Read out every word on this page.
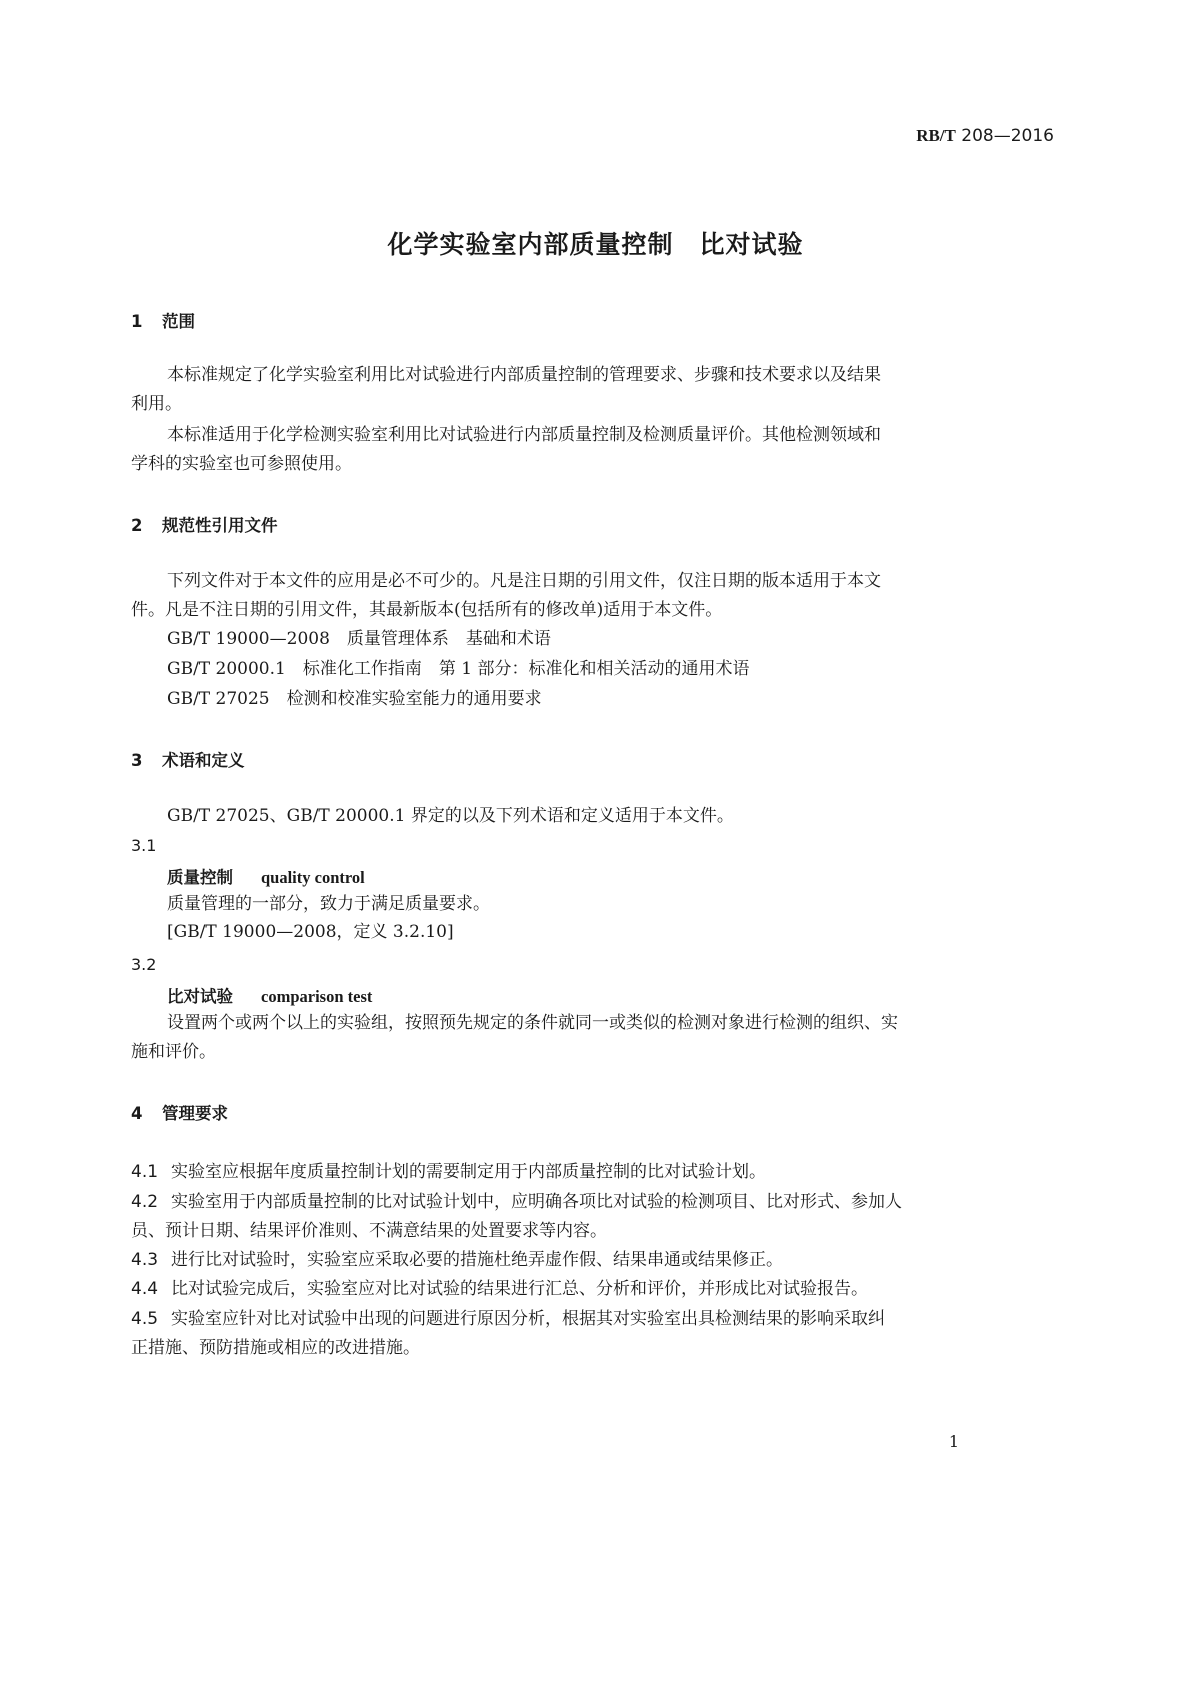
RB/T 208—2016
化学实验室内部质量控制　比对试验
1 范围
本标准规定了化学实验室利用比对试验进行内部质量控制的管理要求、步骤和技术要求以及结果
利用。
本标准适用于化学检测实验室利用比对试验进行内部质量控制及检测质量评价。其他检测领域和
学科的实验室也可参照使用。
2 规范性引用文件
下列文件对于本文件的应用是必不可少的。凡是注日期的引用文件，仅注日期的版本适用于本文
件。凡是不注日期的引用文件，其最新版本(包括所有的修改单)适用于本文件。
GB/T 19000—2008　质量管理体系　基础和术语
GB/T 20000.1　标准化工作指南　第 1 部分：标准化和相关活动的通用术语
GB/T 27025　检测和校准实验室能力的通用要求
3 术语和定义
GB/T 27025、GB/T 20000.1 界定的以及下列术语和定义适用于本文件。
3.1
质量控制 quality control
质量管理的一部分，致力于满足质量要求。
[GB/T 19000—2008，定义 3.2.10]
3.2
比对试验 comparison test
设置两个或两个以上的实验组，按照预先规定的条件就同一或类似的检测对象进行检测的组织、实
施和评价。
4 管理要求
4.1 实验室应根据年度质量控制计划的需要制定用于内部质量控制的比对试验计划。
4.2 实验室用于内部质量控制的比对试验计划中，应明确各项比对试验的检测项目、比对形式、参加人
员、预计日期、结果评价准则、不满意结果的处置要求等内容。
4.3 进行比对试验时，实验室应采取必要的措施杜绝弄虚作假、结果串通或结果修正。
4.4 比对试验完成后，实验室应对比对试验的结果进行汇总、分析和评价，并形成比对试验报告。
4.5 实验室应针对比对试验中出现的问题进行原因分析，根据其对实验室出具检测结果的影响采取纠
正措施、预防措施或相应的改进措施。
1
